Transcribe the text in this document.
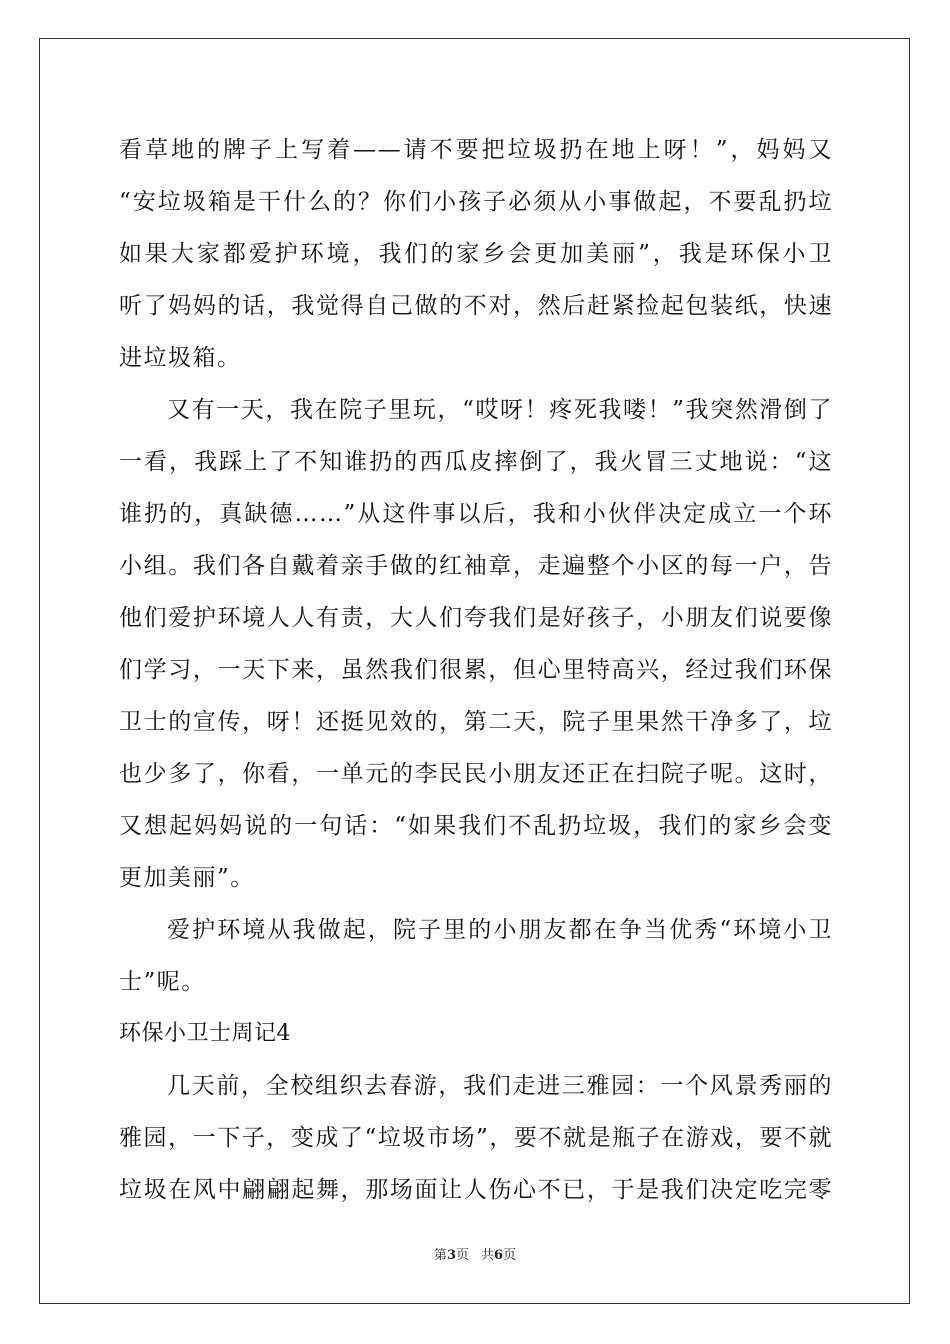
看草地的牌子上写着——请不要把垃圾扔在地上呀！”，妈妈又
“安垃圾箱是干什么的？你们小孩子必须从小事做起，不要乱扔垃
如果大家都爱护环境，我们的家乡会更加美丽”，我是环保小卫
听了妈妈的话，我觉得自己做的不对，然后赶紧捡起包装纸，快速
进垃圾箱。
又有一天，我在院子里玩，“哎呀！疼死我喽！”我突然滑倒了
一看，我踩上了不知谁扔的西瓜皮摔倒了，我火冒三丈地说：“这
谁扔的，真缺德……”从这件事以后，我和小伙伴决定成立一个环
小组。我们各自戴着亲手做的红袖章，走遍整个小区的每一户，告
他们爱护环境人人有责，大人们夸我们是好孩子，小朋友们说要像
们学习，一天下来，虽然我们很累，但心里特高兴，经过我们环保
卫士的宣传，呀！还挺见效的，第二天，院子里果然干净多了，垃
也少多了，你看，一单元的李民民小朋友还正在扫院子呢。这时，
又想起妈妈说的一句话：“如果我们不乱扔垃圾，我们的家乡会变
更加美丽”。
爱护环境从我做起，院子里的小朋友都在争当优秀“环境小卫
士”呢。
环保小卫士周记4
几天前，全校组织去春游，我们走进三雅园：一个风景秀丽的
雅园，一下子，变成了“垃圾市场”，要不就是瓶子在游戏，要不就
垃圾在风中翩翩起舞，那场面让人伤心不已，于是我们决定吃完零
第3页 共6页
